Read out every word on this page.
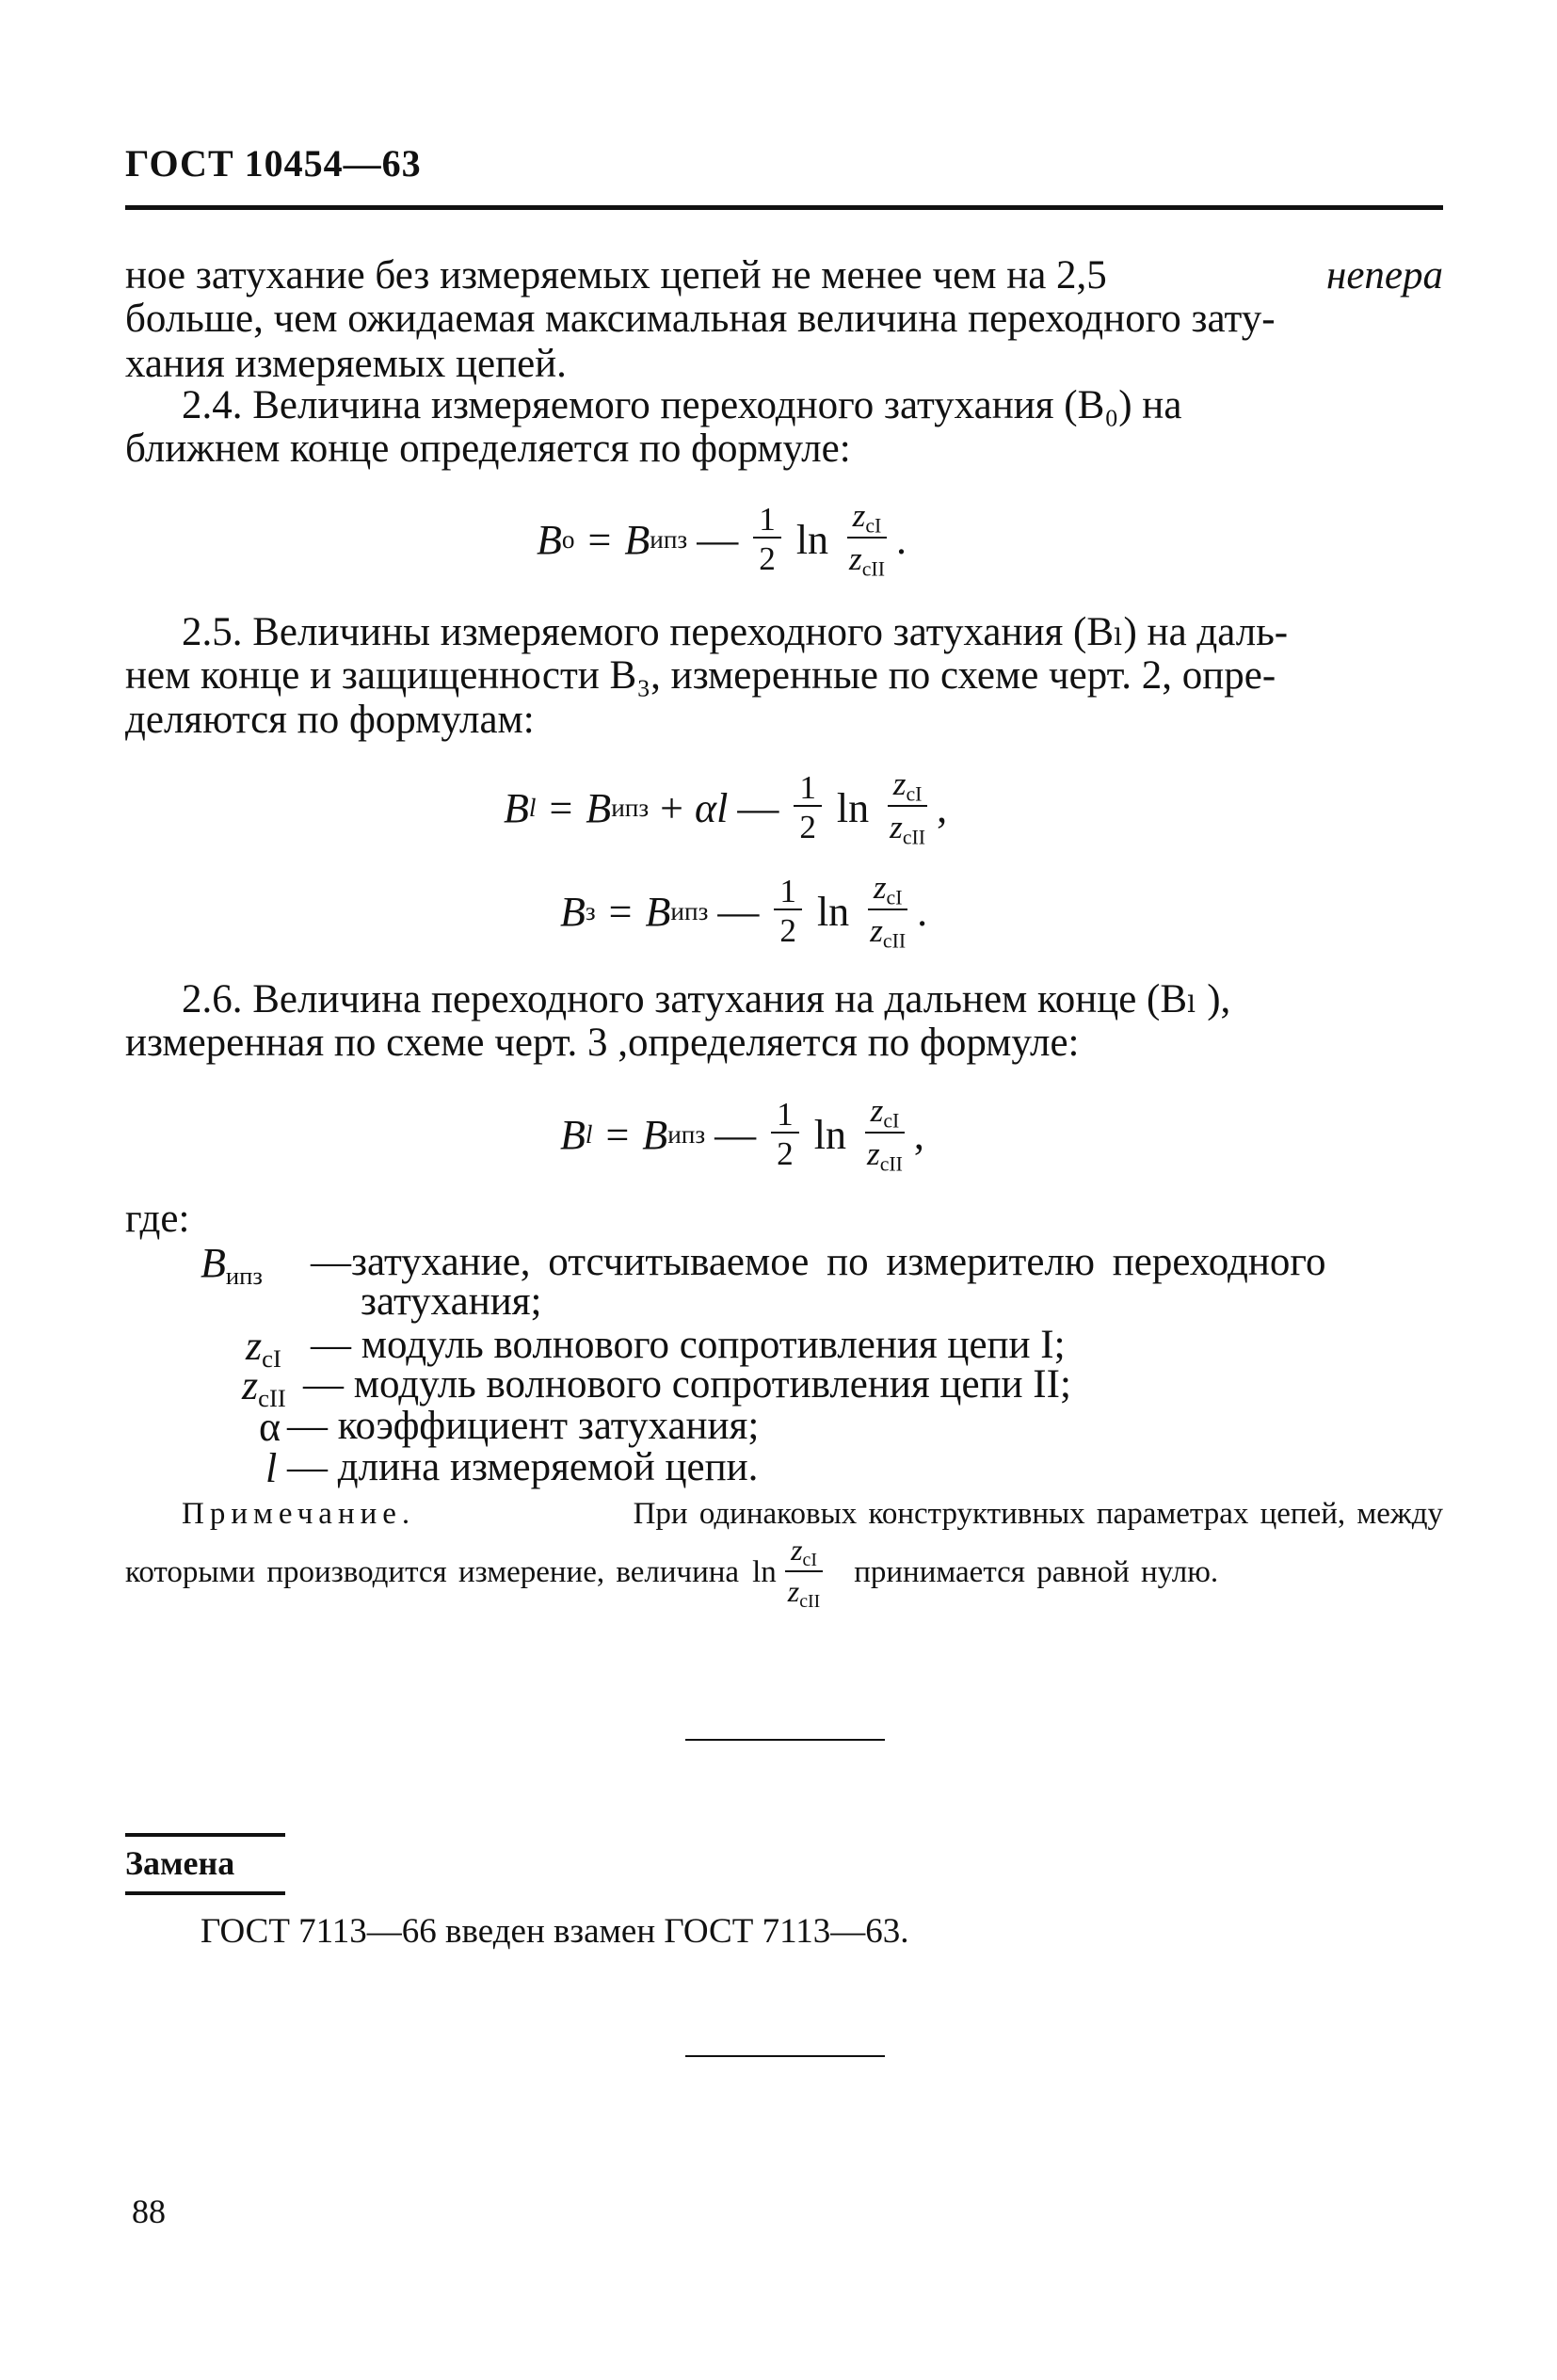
ГОСТ 10454—63
ное затухание без измеряемых цепей не менее чем на 2,5	непера
больше, чем ожидаемая максимальная величина переходного зату-
хания измеряемых цепей.
2.4. Величина измеряемого переходного затухания (B₀) на
ближнем конце определяется по формуле:
B о = B ипз — $\frac{1}{2}$ $\ln \frac{z_{cI}}{z_{cII}}$ .
2.5. Величины измеряемого переходного затухания (Bₗ) на даль-
нем конце и защищенности B₃, измеренные по схеме черт. 2, опре-
деляются по формулам:
B l = B ипз + αl — $\frac{1}{2}$ $\ln \frac{z_{cI}}{z_{cII}}$ ,
B з = B ипз — $\frac{1}{2}$ $\ln \frac{z_{cI}}{z_{cII}}$ .
2.6. Величина переходного затухания на дальнем конце (Bₗ ),
измеренная по схеме черт. 3 ,определяется по формуле:
B l = B ипз — $\frac{1}{2}$ $\ln \frac{z_{cI}}{z_{cII}}$ ,
где:
$B_{ипз}$ —затухание, отсчитываемое по измерителю переходного
затухания;
$z_{cI}$ — модуль волнового сопротивления цепи I;
$z_{cII}$ — модуль волнового сопротивления цепи II;
α — коэффициент затухания;
l — длина измеряемой цепи.
Примечание.	При одинаковых конструктивных параметрах цепей, между
которыми производится измерение, величина $\ln \frac{z_{cI}}{z_{cII}}$ принимается равной нулю.
Замена
ГОСТ 7113—66 введен взамен ГОСТ 7113—63.
88
